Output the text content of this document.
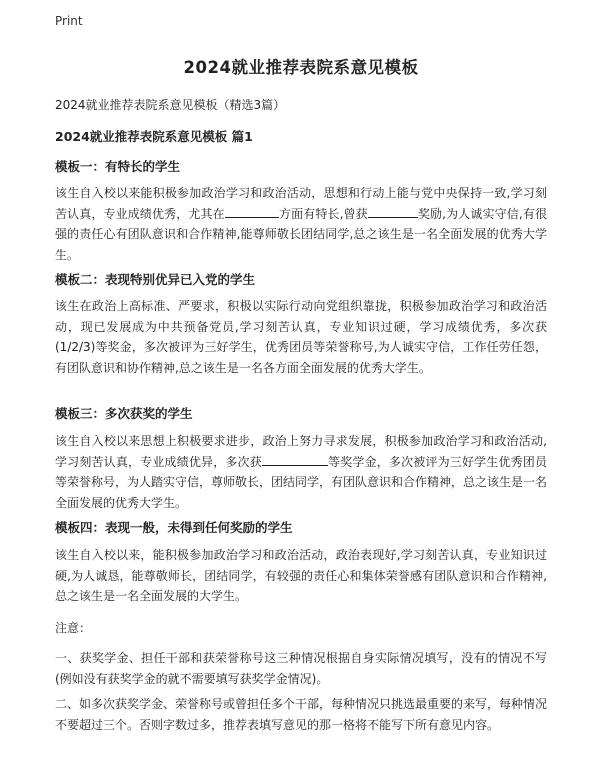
Print
2024就业推荐表院系意见模板
2024就业推荐表院系意见模板（精选3篇）
2024就业推荐表院系意见模板 篇1
模板一：有特长的学生
该生自入校以来能积极参加政治学习和政治活动，思想和行动上能与党中央保持一致,学习刻苦认真，专业成绩优秀，尤其在	方面有特长,曾获	奖励,为人诚实守信,有很强的责任心有团队意识和合作精神,能尊师敬长团结同学,总之该生是一名全面发展的优秀大学生。
模板二：表现特别优异已入党的学生
该生在政治上高标准、严要求，积极以实际行动向党组织靠拢，积极参加政治学习和政治活动，现已发展成为中共预备党员,学习刻苦认真，专业知识过硬，学习成绩优秀，多次获(1/2/3)等奖金，多次被评为三好学生，优秀团员等荣誉称号,为人诚实守信，工作任劳任怨，有团队意识和协作精神,总之该生是一名各方面全面发展的优秀大学生。
模板三：多次获奖的学生
该生自入校以来思想上积极要求进步，政治上努力寻求发展，积极参加政治学习和政治活动,学习刻苦认真，专业成绩优异，多次获	等奖学金，多次被评为三好学生优秀团员等荣誉称号，为人踏实守信，尊师敬长，团结同学，有团队意识和合作精神，总之该生是一名全面发展的优秀大学生。
模板四：表现一般，未得到任何奖励的学生
该生自入校以来，能积极参加政治学习和政治活动，政治表现好,学习刻苦认真，专业知识过硬,为人诚恳，能尊敬师长，团结同学，有较强的责任心和集体荣誉感有团队意识和合作精神,总之该生是一名全面发展的大学生。
注意：
一、获奖学金、担任干部和获荣誉称号这三种情况根据自身实际情况填写，没有的情况不写(例如没有获奖学金的就不需要填写获奖学金情况)。
二、如多次获奖学金、荣誉称号或曾担任多个干部，每种情况只挑选最重要的来写，每种情况不要超过三个。否则字数过多，推荐表填写意见的那一格将不能写下所有意见内容。
